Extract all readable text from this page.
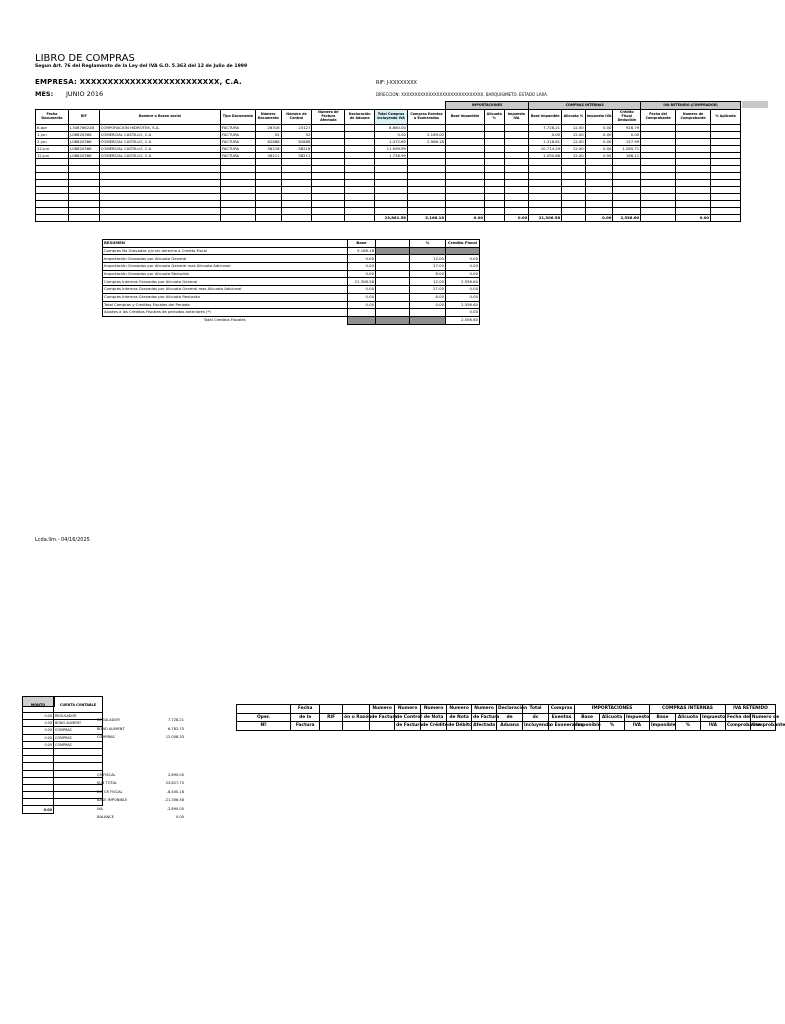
LIBRO DE COMPRAS
Segun Art. 76 del Reglamento de la Ley del IVA G.O. 5.363 del 12 de Julio de 1999
EMPRESA: XXXXXXXXXXXXXXXXXXXXXXXXX, C.A.	RIF: J-XXXXXXXX
MES: JUNIO 2016	DIRECCION: XXXXXXXXXXXXXXXXXXXXXXXXXXXXXX. BARQUISIMETO. ESTADO LARA.
										IMPORTACIONES			COMPRAS INTERNAS				IVA RETENIDO (COMPRADOR)		
Fecha Documento	RIF	Nombre o Razon social	Tipo Documento	Número Documento	Número de Control	Numero de Factura Afectada	Declaración de Aduana	Total Compras Incluyendo IVA	Compras Exentas o Exoneradas	Base Imponible	Alicuota %	Impuesto IVA	Base Imponible	Alicuota %	Impuesto IVA	Crédito Fiscal Deducible	Fecha del Comprobante	Numero de Comprobante	% Aplicado
6-apr	J-30876622B	CORPORACION HIDROTEK, S.A.	FACTURA	26316	23127			8.660.00					7.728.21	12.00	0.00	926.79			
1-jun	J-08820366	COMERCIAL CASTILLO, C.A	FACTURA	52	52			0.00	2.189.00				0.00	12.00	0.00	0.00			
2-jun	J-08820366	COMERCIAL CASTILLO, C.A	FACTURA	62888	62888			1.472.60	2.966.18				1.316.61	12.00	0.00	157.99			
12-jun	J-08820366	COMERCIAL CASTILLO, C.A	FACTURA	58218	58218			11.999.99					10.714.29	12.00	0.00	1.285.71			
12-jun	J-08820366	COMERCIAL CASTILLO, C.A	FACTURA	58211	58211			1.736.99					1.550.88	12.00	0.00	186.11			

								23,861.58	5,166.18	0.00		0.00	21,306.58		0.00	2,556.60		0.00	
RESUMEN	Base		%	Credito Fiscal
Compras No Gravadas y/o sin derecho a Credito Fiscal	5.166.18			
Importación Gravadas por Alicuota General	0.00		12.00	0.00
Importación Gravadas por Alicuota General mas Alicuota Adicional	0.00		27.00	0.00
Importación Gravadas por Alicuota Reducida	0.00		8.00	0.00
Compras Internas Gravadas por Alicuota General	21.306.58		12.00	2.556.60
Compras Internas Gravadas por Alicuota General mas Alicuota Adicional	0.00		27.00	0.00
Compras Internas Gravadas por Alicuota Reducida	0.00		8.00	0.00
Total Compras y Creditos Fiscales del Periodo	0.00		0.00	2.556.60
Ajustes a los Creditos Fiscales de periodos anteriores (*)				0.00
Total Creditos Fiscales				2.556.60
Lcda.llm.- 04/16/2025
MONTO	CUENTA CONTABLE
0.00	REGULADOR
0.00	BONO ALIMENT
0.00	COMPRAS
0.00	COMPRAS
0.00	COMPRAS

0.00	
REGULADOR	7.728.21
BONO ALIMENT	6.782.75
COMPRAS	12.008.33
CR FISCAL	2.890.00
SUB TOTAL	23.827.75
DIF CR FISCAL	-8.400.18
BASE IMPONIBLE	-21.306.58
IVA	-2.890.00
BALANCE	0.00
	Fecha			Numero	Numero	Numero	Numero	Numero	Declaración	Total	Compras	IMPORTACIONES			COMPRAS INTERNAS			IVA RETENIDO	
Oper.	de la	RIF	ón o Razón	de Factura	de Control	de Nota	de Nota	de Factura	de	dc	Exentas	Base	Alicuota	Impuesto	Base	Alicuota	Impuesto	Fecha del	Numero de
Nº	Factura				de Factura	de Crédito	de Débito	Afectada	Aduana	Incluyendo	o Exoneradas	Imponible	%	IVA	Imponible	%	IVA	Comprobante	Comprobante
